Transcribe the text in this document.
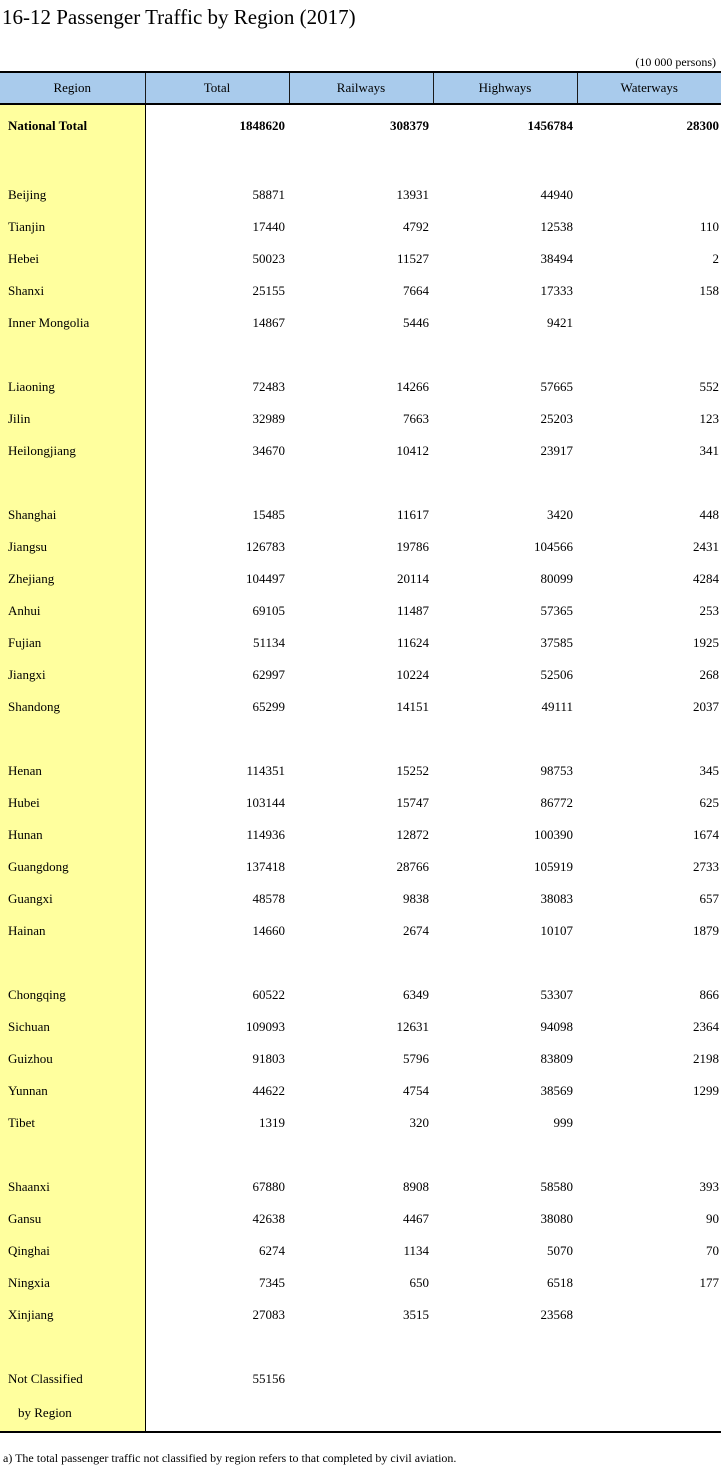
16-12 Passenger Traffic by Region (2017)
(10 000 persons)
Region	Total	Railways	Highways	Waterways
National Total	1848620	308379	1456784	28300

Beijing	58871	13931	44940	
Tianjin	17440	4792	12538	110
Hebei	50023	11527	38494	2
Shanxi	25155	7664	17333	158
Inner Mongolia	14867	5446	9421	

Liaoning	72483	14266	57665	552
Jilin	32989	7663	25203	123
Heilongjiang	34670	10412	23917	341

Shanghai	15485	11617	3420	448
Jiangsu	126783	19786	104566	2431
Zhejiang	104497	20114	80099	4284
Anhui	69105	11487	57365	253
Fujian	51134	11624	37585	1925
Jiangxi	62997	10224	52506	268
Shandong	65299	14151	49111	2037

Henan	114351	15252	98753	345
Hubei	103144	15747	86772	625
Hunan	114936	12872	100390	1674
Guangdong	137418	28766	105919	2733
Guangxi	48578	9838	38083	657
Hainan	14660	2674	10107	1879

Chongqing	60522	6349	53307	866
Sichuan	109093	12631	94098	2364
Guizhou	91803	5796	83809	2198
Yunnan	44622	4754	38569	1299
Tibet	1319	320	999	

Shaanxi	67880	8908	58580	393
Gansu	42638	4467	38080	90
Qinghai	6274	1134	5070	70
Ningxia	7345	650	6518	177
Xinjiang	27083	3515	23568	

Not Classified	55156			
by Region				
a) The total passenger traffic not classified by region refers to that completed by civil aviation.
